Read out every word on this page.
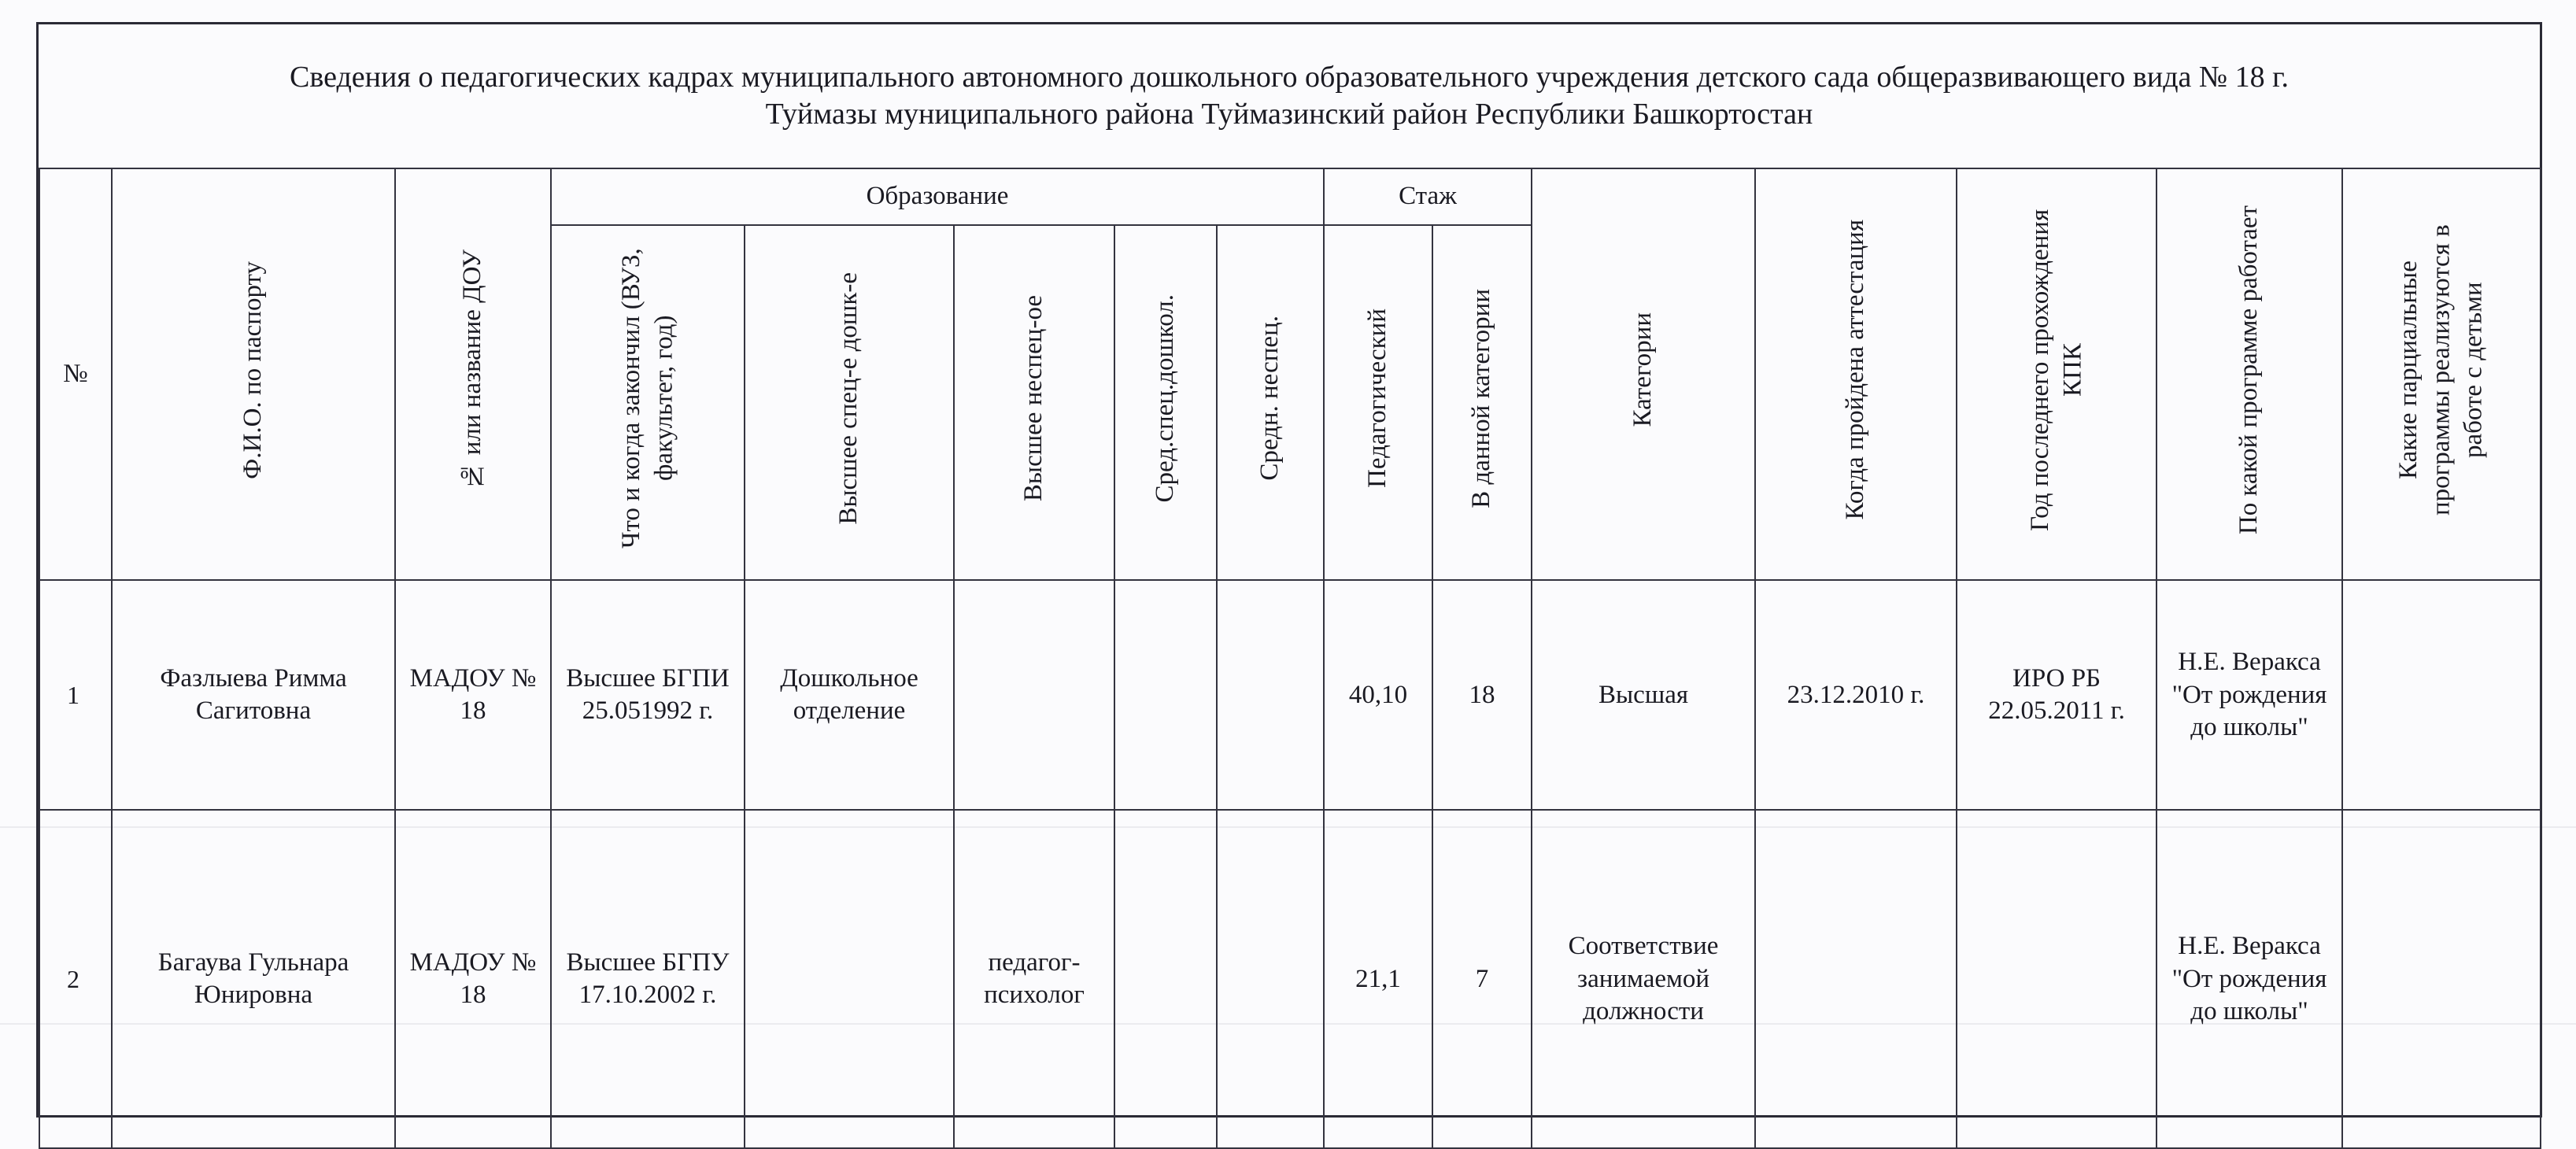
Сведения о педагогических кадрах муниципального автономного дошкольного образовательного учреждения детского сада общеразвивающего вида № 18 г.
Туймазы муниципального района Туймазинский район Республики Башкортостан
№	Ф.И.О. по паспорту	№ или название ДОУ	Образование					Стаж		Категории	Когда пройдена аттестация	Год последнего прохождения КПК	По какой программе работает	Какие парциальные программы реализуются в работе с детьми
			Что и когда закончил (ВУЗ, факультет, год)	Высшее спец-е дошк-е	Высшее неспец-ое	Сред.спец.дошкол.	Средн. неспец.	Педагогический	В данной категории					
1	Фазлыева Римма Сагитовна	МАДОУ № 18	Высшее БГПИ 25.051992 г.	Дошкольное отделение				40,10	18	Высшая	23.12.2010 г.	ИРО РБ 22.05.2011 г.	Н.Е. Веракса "От рождения до школы"	
2	Багаува Гульнара Юнировна	МАДОУ № 18	Высшее БГПУ 17.10.2002 г.		педагог-психолог			21,1	7	Соответствие занимаемой должности			Н.Е. Веракса "От рождения до школы"	
